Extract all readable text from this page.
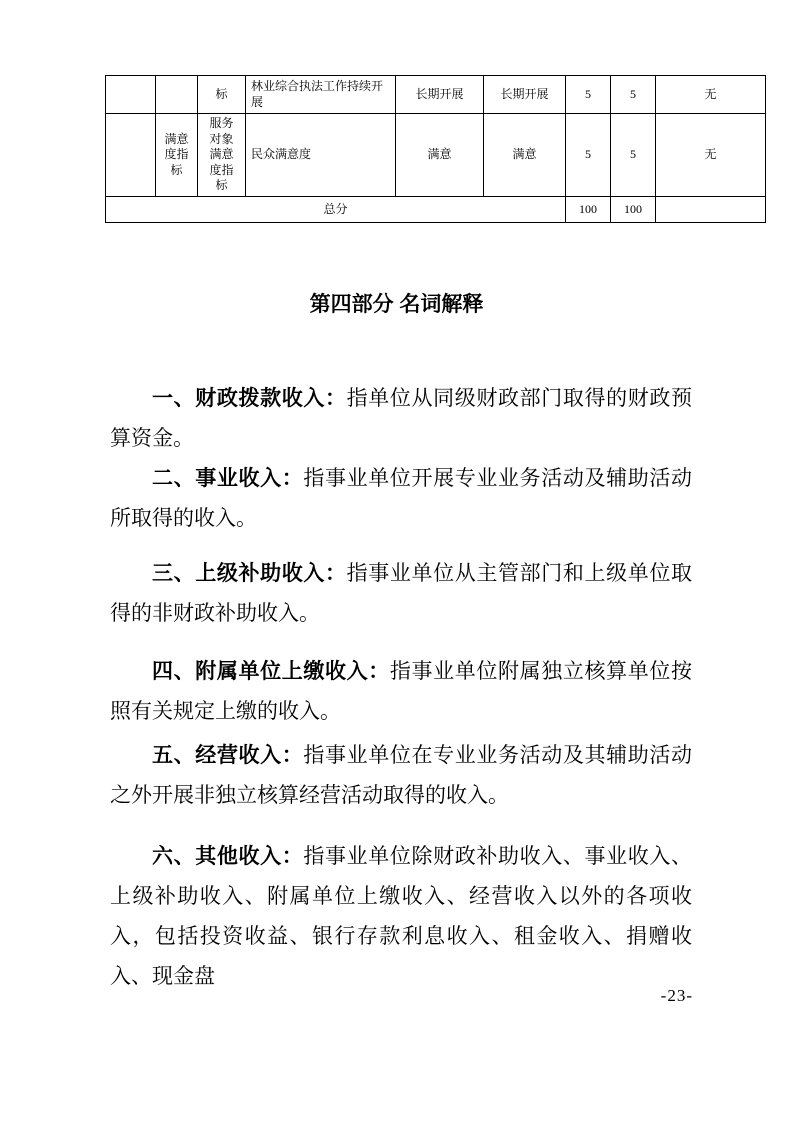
		标	林业综合执法工作持续开展	长期开展	长期开展	5	5	无
	满意度指标	服务对象满意度指标	民众满意度	满意	满意	5	5	无
总分						100	100	
第四部分 名词解释

一、财政拨款收入：指单位从同级财政部门取得的财政预算资金。

二、事业收入：指事业单位开展专业业务活动及辅助活动所取得的收入。

三、上级补助收入：指事业单位从主管部门和上级单位取得的非财政补助收入。

四、附属单位上缴收入：指事业单位附属独立核算单位按照有关规定上缴的收入。

五、经营收入：指事业单位在专业业务活动及其辅助活动之外开展非独立核算经营活动取得的收入。

六、其他收入：指事业单位除财政补助收入、事业收入、上级补助收入、附属单位上缴收入、经营收入以外的各项收入，包括投资收益、银行存款利息收入、租金收入、捐赠收入、现金盘

-23-
